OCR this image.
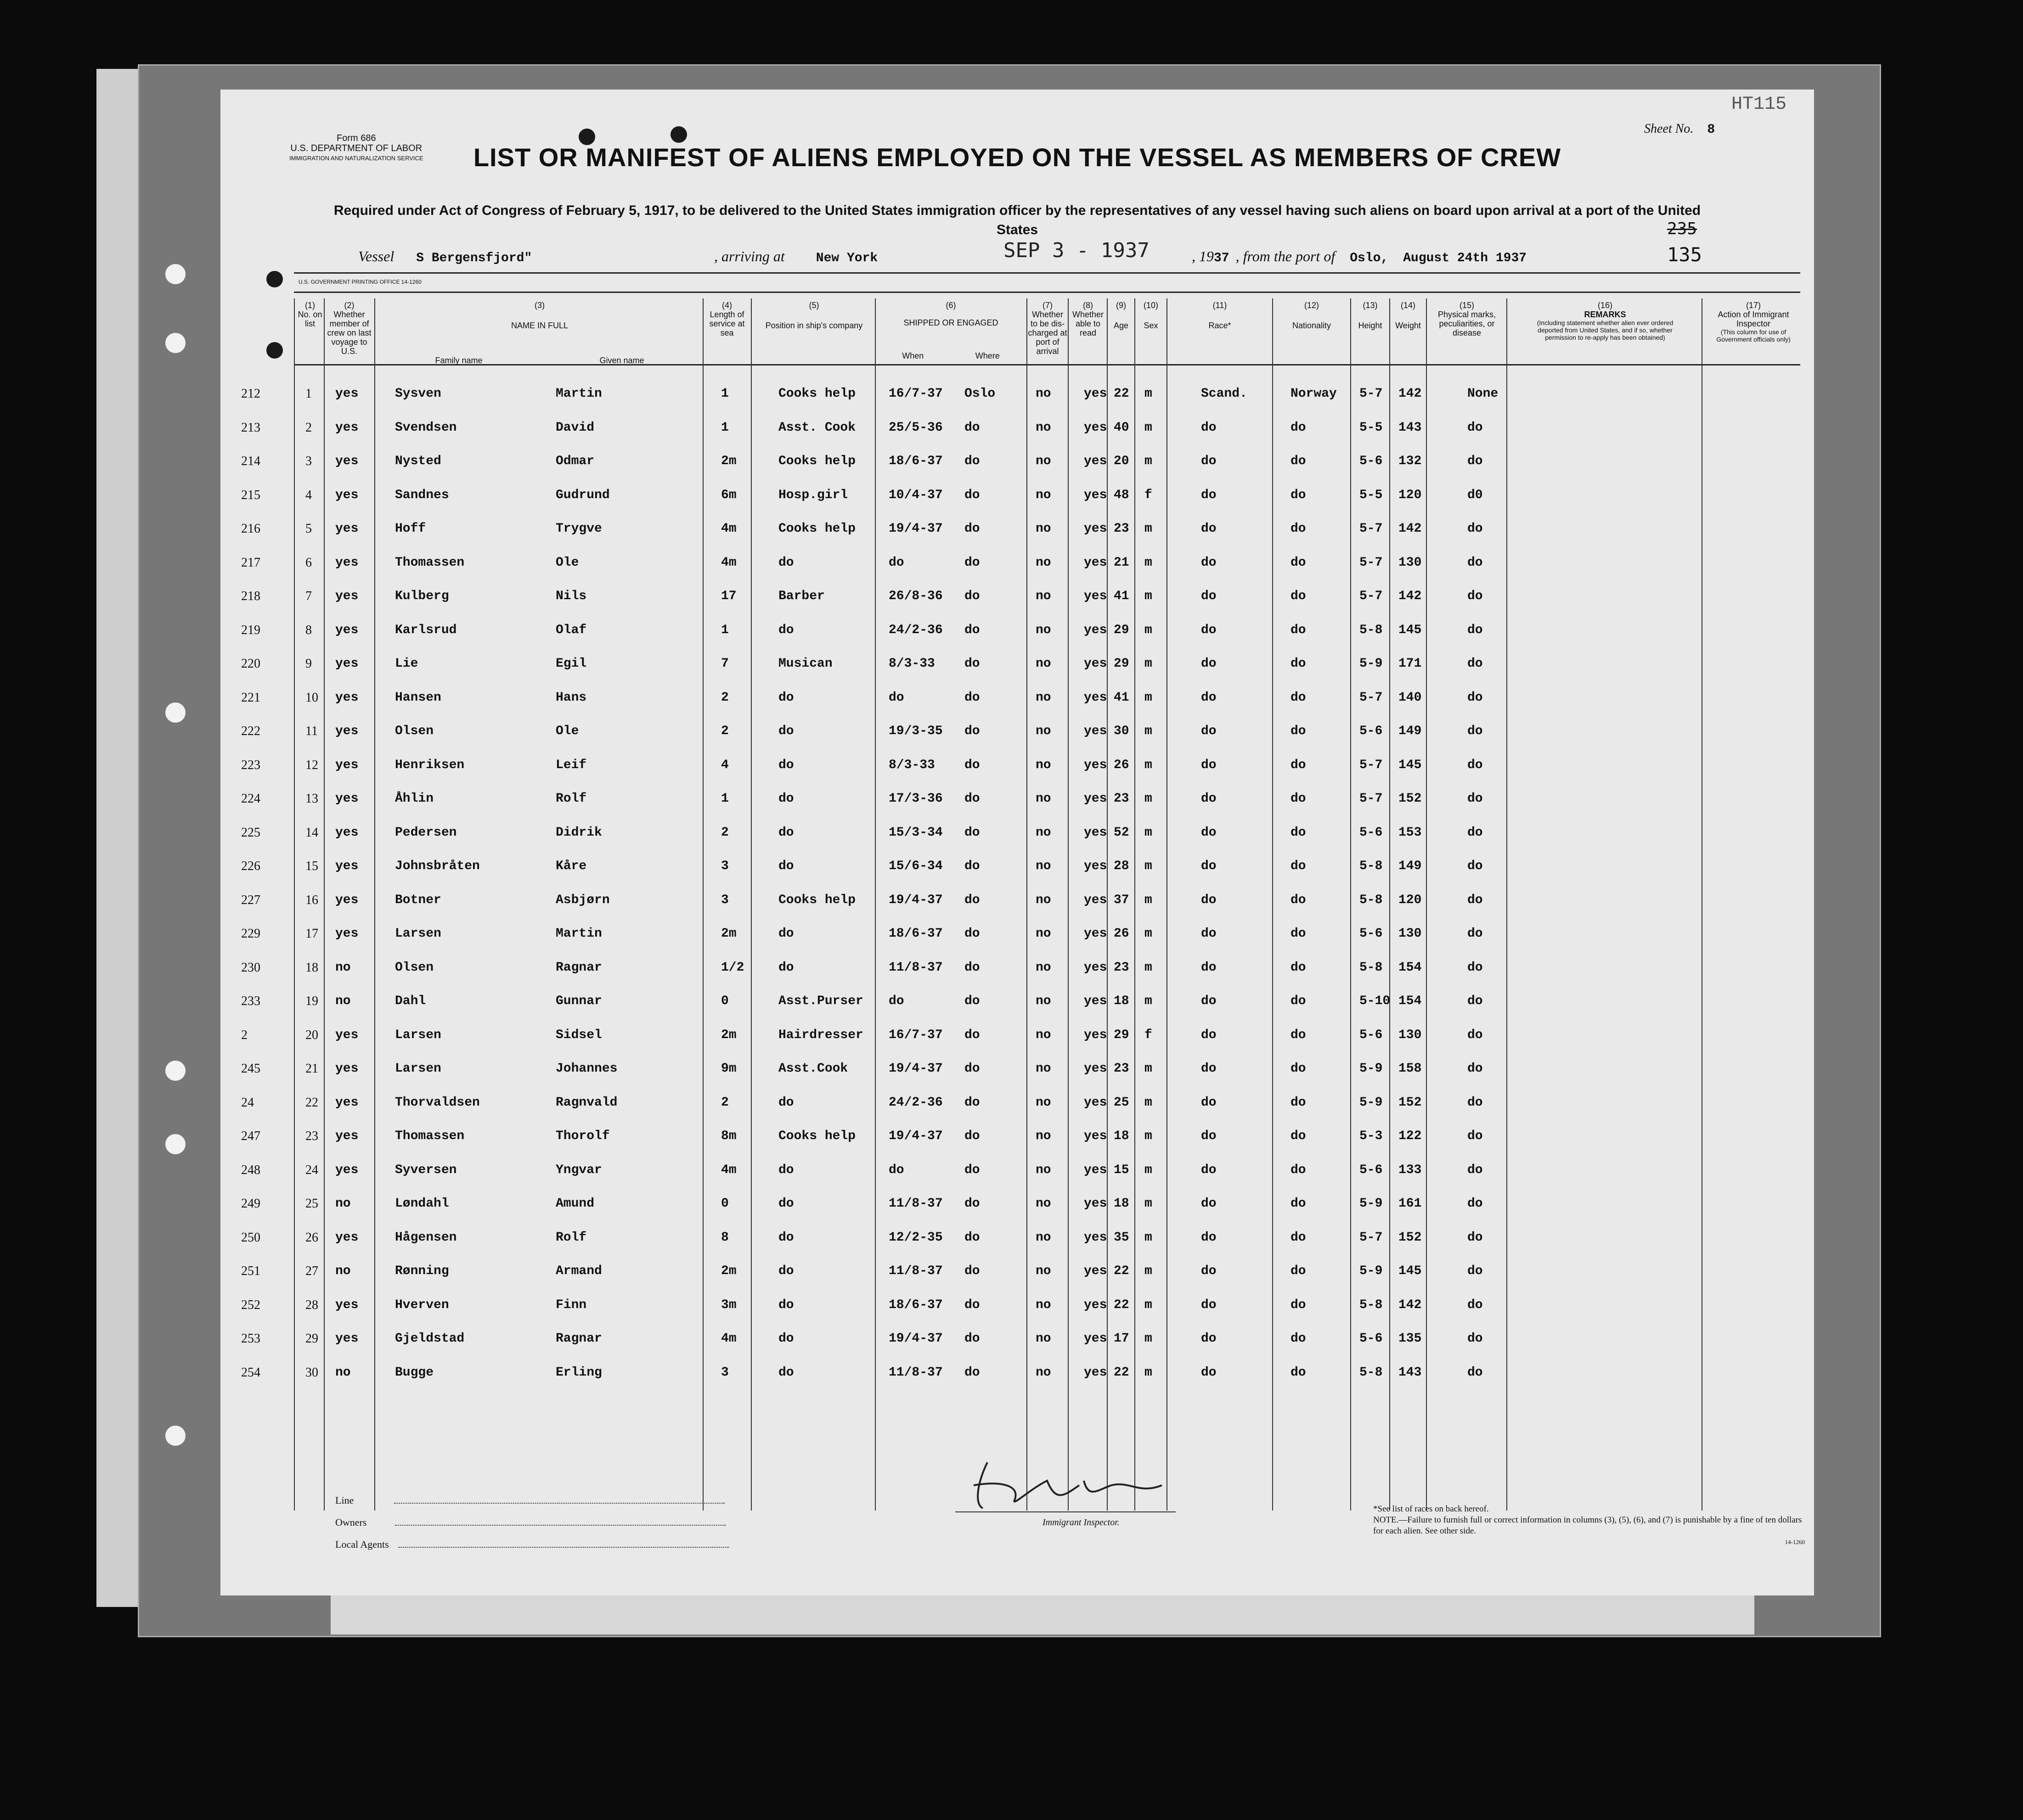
Form 686
U.S. DEPARTMENT OF LABOR
IMMIGRATION AND NATURALIZATION SERVICE
Sheet No. 8
HT115
LIST OR MANIFEST OF ALIENS EMPLOYED ON THE VESSEL AS MEMBERS OF CREW
Required under Act of Congress of February 5, 1917, to be delivered to the United States immigration officer by the representatives of any vessel having such aliens on board upon arrival at a port of the United States
Vessel S Bergensfjord"	, arriving at New York	SEP 3 - 1937	, 1937 , from the port of Oslo, August 24th 1937	135
235
U.S. GOVERNMENT PRINTING OFFICE 14-1260
(1)
No. on list
(2)
Whether member of crew on last voyage to U.S.
(3)
NAME IN FULL
Family name	Given name
(4)
Length of service at sea
(5)
Position in ship's company
(6)
SHIPPED OR ENGAGED
When	Where
(7)
Whether to be dis-charged at port of arrival
(8)
Whether able to read
(9)
Age
(10)
Sex
(11)
Race*
(12)
Nationality
(13)
Height
(14)
Weight
(15)
Physical marks, peculiarities, or disease
(16)
REMARKS
(Including statement whether alien ever ordered deported from United States, and if so, whether permission to re-apply has been obtained)
(17)
Action of Immigrant Inspector
(This column for use of Government officials only)
212	1 yes	Sysven	Martin	1	Cooks help	16/7-37 Oslo	no	yes 22 m	Scand.	Norway 5-7 142	None
213	2 yes	Svendsen	David	1	Asst. Cook	25/5-36 do	no	yes 40 m	do	do	5-5 143	do
214	3 yes	Nysted	Odmar	2m	Cooks help	18/6-37 do	no	yes 20 m	do	do	5-6 132	do
215	4 yes	Sandnes	Gudrund	6m	Hosp.girl	10/4-37 do	no	yes 48 f	do	do	5-5 120	d0
216	5 yes	Hoff	Trygve	4m	Cooks help	19/4-37 do	no	yes 23 m	do	do	5-7 142	do
217	6 yes	Thomassen	Ole	4m	do	do	do	no	yes 21 m	do	do	5-7 130	do
218	7 yes	Kulberg	Nils	17	Barber	26/8-36 do	no	yes 41 m	do	do	5-7 142	do
219	8 yes	Karlsrud	Olaf	1	do	24/2-36 do	no	yes 29 m	do	do	5-8 145	do
220	9 yes	Lie	Egil	7	Musican	8/3-33 do	no	yes 29 m	do	do	5-9 171	do
221	10 yes	Hansen	Hans	2	do	do	do	no	yes 41 m	do	do	5-7 140	do
222	11 yes	Olsen	Ole	2	do	19/3-35 do	no	yes 30 m	do	do	5-6 149	do
223	12 yes	Henriksen	Leif	4	do	8/3-33 do	no	yes 26 m	do	do	5-7 145	do
224	13 yes	Åhlin	Rolf	1	do	17/3-36 do	no	yes 23 m	do	do	5-7 152	do
225	14 yes	Pedersen	Didrik	2	do	15/3-34 do	no	yes 52 m	do	do	5-6 153	do
226	15 yes	Johnsbråten	Kåre	3	do	15/6-34 do	no	yes 28 m	do	do	5-8 149	do
227	16 yes	Botner	Asbjørn	3	Cooks help	19/4-37 do	no	yes 37 m	do	do	5-8 120	do
229	17 yes	Larsen	Martin	2m	do	18/6-37 do	no	yes 26 m	do	do	5-6 130	do
230	18 no	Olsen	Ragnar	1/2	do	11/8-37 do	no	yes 23 m	do	do	5-8 154	do
233	19 no	Dahl	Gunnar	0	Asst.Purser do	do	no	yes 18 m	do	do	5-10 154	do
2	20 yes	Larsen	Sidsel	2m	Hairdresser 16/7-37 do	no	yes 29 f	do	do	5-6 130	do
245	21 yes	Larsen	Johannes	9m	Asst.Cook	19/4-37 do	no	yes 23 m	do	do	5-9 158	do
24	22 yes	Thorvaldsen	Ragnvald	2	do	24/2-36 do	no	yes 25 m	do	do	5-9 152	do
247	23 yes	Thomassen	Thorolf	8m	Cooks help	19/4-37 do	no	yes 18 m	do	do	5-3 122	do
248	24 yes	Syversen	Yngvar	4m	do	do	do	no	yes 15 m	do	do	5-6 133	do
249	25 no	Løndahl	Amund	0	do	11/8-37 do	no	yes 18 m	do	do	5-9 161	do
250	26 yes	Hågensen	Rolf	8	do	12/2-35 do	no	yes 35 m	do	do	5-7 152	do
251	27 no	Rønning	Armand	2m	do	11/8-37 do	no	yes 22 m	do	do	5-9 145	do
252	28 yes	Hverven	Finn	3m	do	18/6-37 do	no	yes 22 m	do	do	5-8 142	do
253	29 yes	Gjeldstad	Ragnar	4m	do	19/4-37 do	no	yes 17 m	do	do	5-6 135	do
254	30 no	Bugge	Erling	3	do	11/8-37 do	no	yes 22 m	do	do	5-8 143	do
Line
Owners
Local Agents
Immigrant Inspector.
*See list of races on back hereof.
NOTE.—Failure to furnish full or correct information in columns (3), (5), (6), and (7) is punishable by a fine of ten dollars for each alien. See other side.
14-1260
